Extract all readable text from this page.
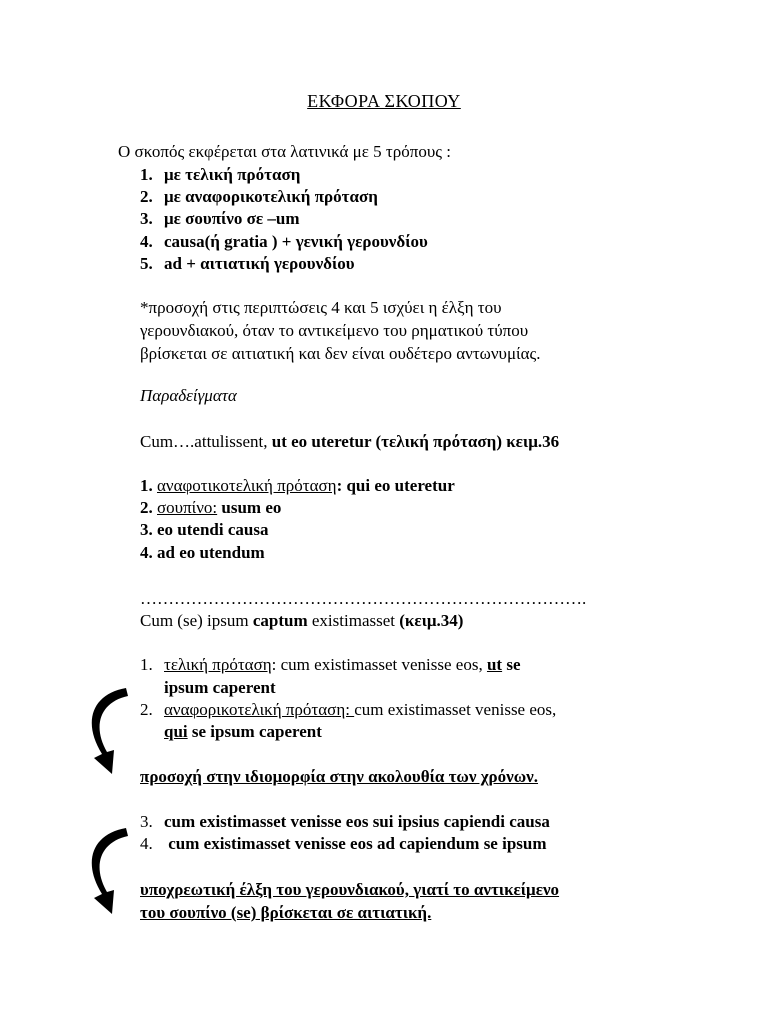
ΕΚΦΟΡΑ ΣΚΟΠΟΥ
Ο σκοπός εκφέρεται στα λατινικά με 5 τρόπους :
1. με τελική πρόταση
2. με αναφορικοτελική πρόταση
3. με σουπίνο σε –um
4. causa(ή gratia ) + γενική γερουνδίου
5. ad + αιτιατική γερουνδίου
*προσοχή στις περιπτώσεις 4 και 5 ισχύει η έλξη του
γερουνδιακού, όταν το αντικείμενο του ρηματικού τύπου
βρίσκεται σε αιτιατική και δεν είναι ουδέτερο αντωνυμίας.
Παραδείγματα
Cum….attulissent, ut eo uteretur (τελική πρόταση) κειμ.36
1. αναφοτικοτελική πρόταση: qui eo uteretur
2. σουπίνο: usum eo
3. eo utendi causa
4. ad eo utendum
…………………………………………………………………….
Cum (se) ipsum captum existimasset (κειμ.34)
1. τελική πρόταση: cum existimasset venisse eos, ut se
ipsum caperent
2. αναφορικοτελική πρόταση: cum existimasset venisse eos,
qui se ipsum caperent
προσοχή στην ιδιομορφία στην ακολουθία των χρόνων.
3. cum existimasset venisse eos sui ipsius capiendi causa
4. cum existimasset venisse eos ad capiendum se ipsum
υποχρεωτική έλξη του γερουνδιακού, γιατί το αντικείμενο
του σουπίνο (se) βρίσκεται σε αιτιατική.
